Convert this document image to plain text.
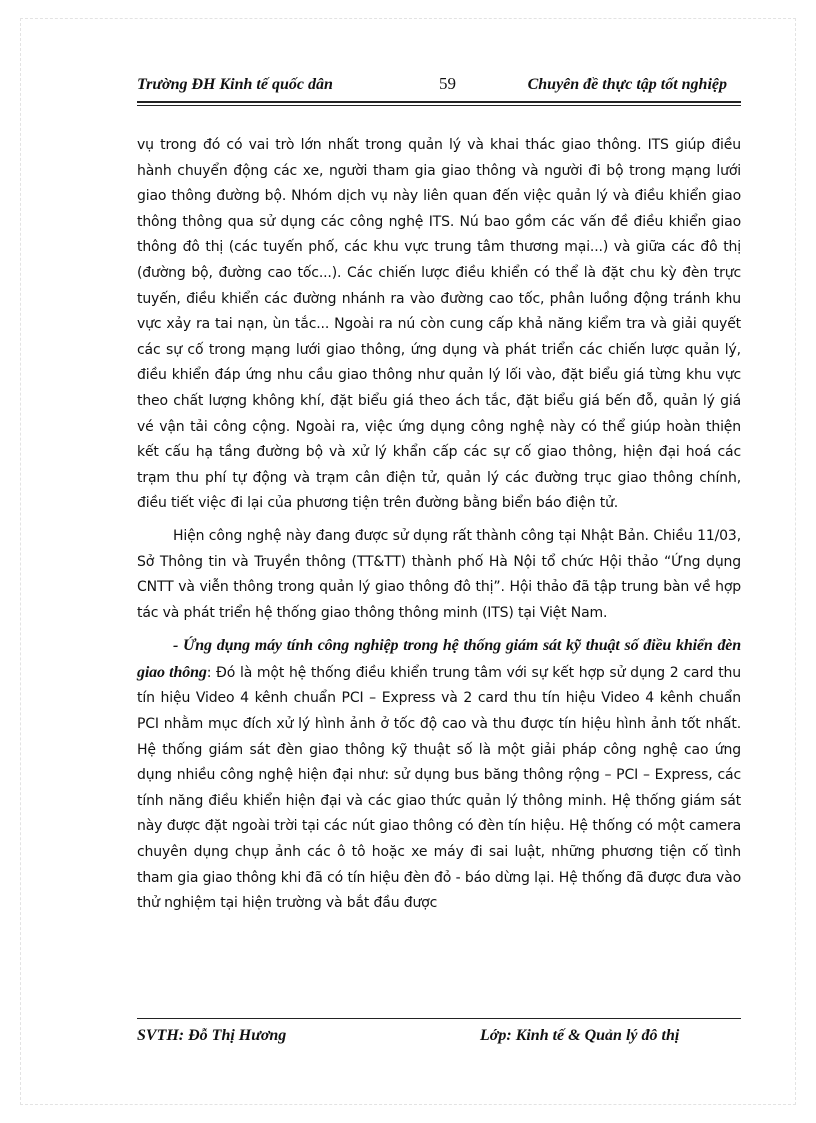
Trường ĐH Kinh tế quốc dân	59	Chuyên đề thực tập tốt nghiệp

vụ trong đó có vai trò lớn nhất trong quản lý và khai thác giao thông. ITS giúp điều hành chuyển động các xe, người tham gia giao thông và người đi bộ trong mạng lưới giao thông đường bộ. Nhóm dịch vụ này liên quan đến việc quản lý và điều khiển giao thông thông qua sử dụng các công nghệ ITS. Nú bao gồm các vấn đề điều khiển giao thông đô thị (các tuyến phố, các khu vực trung tâm thương mại...) và giữa các đô thị (đường bộ, đường cao tốc...). Các chiến lược điều khiển có thể là đặt chu kỳ đèn trực tuyến, điều khiển các đường nhánh ra vào đường cao tốc, phân luồng động tránh khu vực xảy ra tai nạn, ùn tắc... Ngoài ra nú còn cung cấp khả năng kiểm tra và giải quyết các sự cố trong mạng lưới giao thông, ứng dụng và phát triển các chiến lược quản lý, điều khiển đáp ứng nhu cầu giao thông như quản lý lối vào, đặt biểu giá từng khu vực theo chất lượng không khí, đặt biểu giá theo ách tắc, đặt biểu giá bến đỗ, quản lý giá vé vận tải công cộng. Ngoài ra, việc ứng dụng công nghệ này có thể giúp hoàn thiện kết cấu hạ tầng đường bộ và xử lý khẩn cấp các sự cố giao thông, hiện đại hoá các trạm thu phí tự động và trạm cân điện tử, quản lý các đường trục giao thông chính, điều tiết việc đi lại của phương tiện trên đường bằng biển báo điện tử.

Hiện công nghệ này đang được sử dụng rất thành công tại Nhật Bản. Chiều 11/03, Sở Thông tin và Truyền thông (TT&TT) thành phố Hà Nội tổ chức Hội thảo “Ứng dụng CNTT và viễn thông trong quản lý giao thông đô thị”. Hội thảo đã tập trung bàn về hợp tác và phát triển hệ thống giao thông thông minh (ITS) tại Việt Nam.

- Ứng dụng máy tính công nghiệp trong hệ thống giám sát kỹ thuật số điều khiển đèn giao thông: Đó là một hệ thống điều khiển trung tâm với sự kết hợp sử dụng 2 card thu tín hiệu Video 4 kênh chuẩn PCI – Express và 2 card thu tín hiệu Video 4 kênh chuẩn PCI nhằm mục đích xử lý hình ảnh ở tốc độ cao và thu được tín hiệu hình ảnh tốt nhất. Hệ thống giám sát đèn giao thông kỹ thuật số là một giải pháp công nghệ cao ứng dụng nhiều công nghệ hiện đại như: sử dụng bus băng thông rộng – PCI – Express, các tính năng điều khiển hiện đại và các giao thức quản lý thông minh. Hệ thống giám sát này được đặt ngoài trời tại các nút giao thông có đèn tín hiệu. Hệ thống có một camera chuyên dụng chụp ảnh các ô tô hoặc xe máy đi sai luật, những phương tiện cố tình tham gia giao thông khi đã có tín hiệu đèn đỏ - báo dừng lại. Hệ thống đã được đưa vào thử nghiệm tại hiện trường và bắt đầu được

SVTH: Đỗ Thị Hương	Lớp: Kinh tế & Quản lý đô thị
